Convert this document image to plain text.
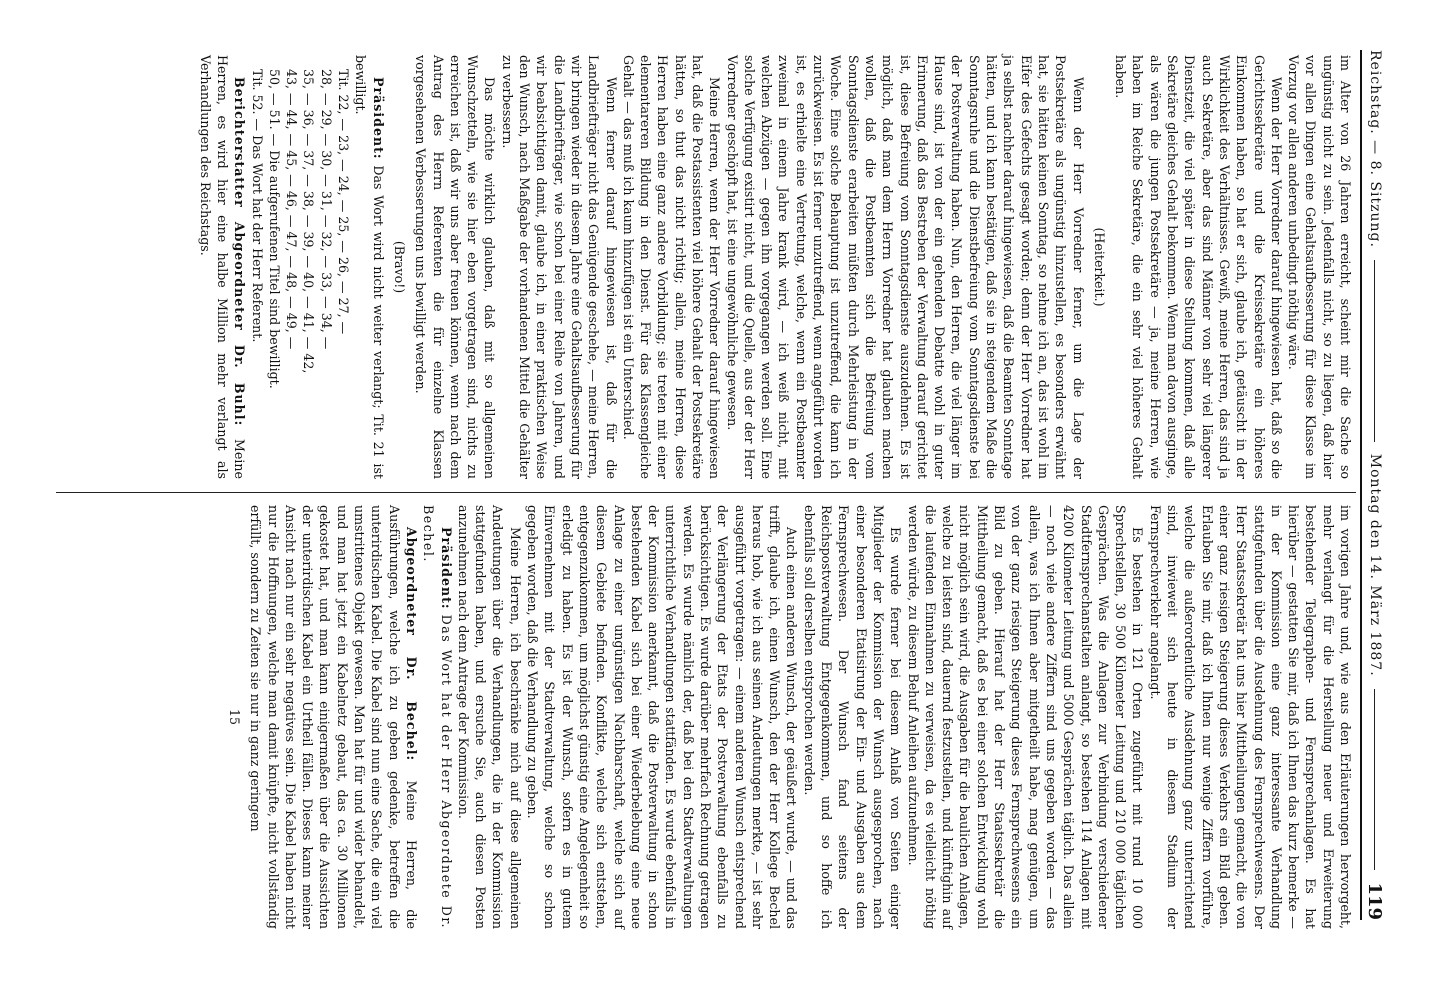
Reichstag. — 8. Sitzung.
Montag den 14. März 1887.
119

im Alter von 26 Jahren erreicht, scheint mir die Sache so ungünstig nicht zu sein. Jedenfalls nicht, so zu liegen, daß hier vor allen Dingen eine Gehaltsaufbesserung für diese Klasse im Vorzug vor allen anderen unbedingt nöthig wäre.

Wenn der Herr Vorredner darauf hingewiesen hat, daß so die Gerichtssekretäre und die Kreissekretäre ein höheres Einkommen haben, so hat er sich, glaube ich, getäuscht in der Wirklichkeit des Verhältnisses. Gewiß, meine Herren, das sind ja auch Sekretäre, aber das sind Männer von sehr viel längerer Dienstzeit, die viel später in diese Stellung kommen, daß alle Sekretäre gleiches Gehalt bekommen. Wenn man davon ausginge, als wären die jungen Postsekretäre — ja, meine Herren, wie haben im Reiche Sekretäre, die ein sehr viel höheres Gehalt haben.

(Heiterkeit.)

Wenn der Herr Vorredner ferner, um die Lage der Postsekretäre als ungünstig hinzustellen, es besonders erwähnt hat, sie hätten keinen Sonntag, so nehme ich an, das ist wohl im Eifer des Gefechts gesagt worden; denn der Herr Vorredner hat ja selbst nachher darauf hingewiesen, daß die Beamten Sonntage hätten, und ich kann bestätigen, daß sie in steigendem Maße die Sonntagsruhe und die Dienstbefreiung vom Sonntagsdienste bei der Postverwaltung haben. Nun, den Herren, die viel länger im Hause sind, ist von der ein gehenden Debatte wohl in guter Erinnerung, daß das Bestreben der Verwaltung darauf gerichtet ist, diese Befreiung vom Sonntagsdienste auszudehnen. Es ist möglich, daß man dem Herrn Vorredner hat glauben machen wollen, daß die Postbeamten sich die Befreiung vom Sonntagsdienste erarbeiten müßten durch Mehrleistung in der Woche. Eine solche Behauptung ist unzutreffend, die kann ich zurückweisen. Es ist ferner unzutreffend, wenn angeführt worden ist, es erhielte eine Vertretung, welche, wenn ein Postbeamter zweimal in einem Jahre krank wird, — ich weiß nicht, mit welchen Abzügen — gegen ihn vorgegangen werden soll. Eine solche Verfügung existirt nicht, und die Quelle, aus der der Herr Vorredner geschöpft hat, ist eine ungewöhnliche gewesen.

Meine Herren, wenn der Herr Vorredner darauf hingewiesen hat, daß die Postassistenten viel höhere Gehalt der Postsekretäre hätten, so thut das nicht richtig; allein, meine Herren, diese Herren haben eine ganz andere Vorbildung; sie treten mit einer elementareren Bildung in den Dienst. Für das Klassengleiche Gehalt — das muß ich kaum hinzufügen ist ein Unterschied.

Wenn ferner darauf hingewiesen ist, daß für die Landbriefträger nicht das Genügende geschehe, — meine Herren, wir bringen wieder in diesem Jahre eine Gehaltsaufbesserung für die Landbriefträger, wie schon bei einer Reihe von Jahren, und wir beabsichtigen damit, glaube ich, in einer praktischen Weise den Wunsch, nach Maßgabe der vorhandenen Mittel die Gehälter zu verbessern.

Das möchte wirklich glauben, daß mit so allgemeinen Wunschzetteln, wie sie hier eben vorgetragen sind, nichts zu erreichen ist, daß wir uns aber freuen können, wenn nach dem Antrag des Herrn Referenten die für einzelne Klassen vorgesehenen Verbesserungen uns bewilligt werden.

(Bravo!)

Präsident: Das Wort wird nicht weiter verlangt; Tit. 21 ist bewilligt.

Tit. 22, — 23, — 24, — 25, — 26, — 27, —

28, — 29, — 30, — 31, — 32, — 33, — 34, —

35, — 36, — 37, — 38, — 39, — 40, — 41, — 42,

43, — 44, — 45, — 46, — 47, — 48, — 49, —

50, — 51. — Die aufgerufenen Titel sind bewilligt.

Tit. 52. — Das Wort hat der Herr Referent.

Berichterstatter Abgeordneter Dr. Buhl: Meine Herren, es wird hier eine halbe Million mehr verlangt als Verhandlungen des Reichstags.

im vorigen Jahre und, wie aus den Erläuterungen hervorgeht, mehr verlangt für die Herstellung neuer und Erweiterung bestehender Telegraphen- und Fernsprechanlagen. Es hat hierüber — gestatten Sie mir, daß ich Ihnen das kurz bemerke — in der Kommission eine ganz interessante Verhandlung stattgefunden über die Ausdehnung des Fernsprechwesens. Der Herr Staatssekretär hat uns hier Mittheilungen gemacht, die von einer ganz riesigen Steigerung dieses Verkehrs ein Bild geben. Erlauben Sie mir, daß ich Ihnen nur wenige Ziffern vorführe, welche die außerordentliche Ausdehnung ganz unterrichtend sind, inwieweit sich heute in diesem Stadium der Fernsprechverkehr angelangt.

Es bestehen in 121 Orten zugeführt mit rund 10 000 Sprechstellen, 30 500 Kilometer Leitung und 210 000 täglichen Gesprächen. Was die Anlagen zur Verbindung verschiedener Stadtfernsprechanstalten anlangt, so bestehen 114 Anlagen mit 4200 Kilometer Leitung und 5000 Gesprächen täglich. Das allein — noch viele andere Ziffern sind uns gegeben worden — das allein, was ich Ihnen aber mitgetheilt habe, mag genügen, um von der ganz riesigen Steigerung dieses Fernsprechwesens ein Bild zu geben. Hierauf hat der Herr Staatssekretär die Mittheilung gemacht, daß es bei einer solchen Entwicklung wohl nicht möglich sein wird, die Ausgaben für die baulichen Anlagen, welche zu leisten sind, dauernd festzustellen, und künftighin auf die laufenden Einnahmen zu verweisen, da es vielleicht nöthig werden würde, zu diesem Behuf Anleihen aufzunehmen.

Es wurde ferner bei diesem Anlaß von Seiten einiger Mitglieder der Kommission der Wunsch ausgesprochen, nach einer besonderen Etatisirung der Ein- und Ausgaben aus dem Fernsprechwesen. Der Wunsch fand seitens der Reichspostverwaltung Entgegenkommen, und so hoffe ich ebenfalls soll derselben entsprochen werden.

Auch einen anderen Wunsch, der geäußert wurde, — und das trifft, glaube ich, einen Wunsch, den der Herr Kollege Bechel heraus hob, wie ich aus seinen Andeutungen merkte, — ist sehr ausgeführt vorgetragen: — einem anderen Wunsch entsprechend der Verlängerung der Etats der Postverwaltung ebenfalls zu berücksichtigen. Es wurde darüber mehrfach Rechnung getragen werden. Es wurde nämlich der, daß bei den Stadtverwaltungen unterrichtliche Verhandlungen stattfänden. Es wurde ebenfalls in der Kommission anerkannt, daß die Postverwaltung in schon bestehenden Kabel sich bei einer Wiederbelebung eine neue Anlage zu einer ungünstigen Nachbarschaft, welche sich auf diesem Gebiete befinden. Konflikte, welche sich entstehen, entgegenzukommen, um möglichst günstig eine Angelegenheit so erledigt zu haben. Es ist der Wunsch, sofern es in gutem Einvernehmen mit der Stadtverwaltung, welche so schon gegeben worden, daß die Verhandlung zu geben.

Meine Herren, ich beschränke mich auf diese allgemeinen Andeutungen über die Verhandlungen, die in der Kommission stattgefunden haben, und ersuche Sie, auch diesen Posten anzunehmen nach dem Antrage der Kommission.

Präsident: Das Wort hat der Herr Abgeordnete Dr. Bechel.

Abgeordneter Dr. Bechel: Meine Herren, die Ausführungen, welche ich zu geben gedenke, betreffen die unterirdischen Kabel. Die Kabel sind nun eine Sache, die ein viel umstrittenes Objekt gewesen. Man hat für und wider behandelt, und man hat jetzt ein Kabelnetz gebaut, das ca. 30 Millionen gekostet hat, und man kann einigermaßen über die Aussichten der unterirdischen Kabel ein Urtheil fällen. Dieses kann meiner Ansicht nach nur ein sehr negatives sein. Die Kabel haben nicht nur die Hoffnungen, welche man damit knüpfte, nicht vollständig erfüllt, sondern zu Zeiten sie nur in ganz geringem

15
